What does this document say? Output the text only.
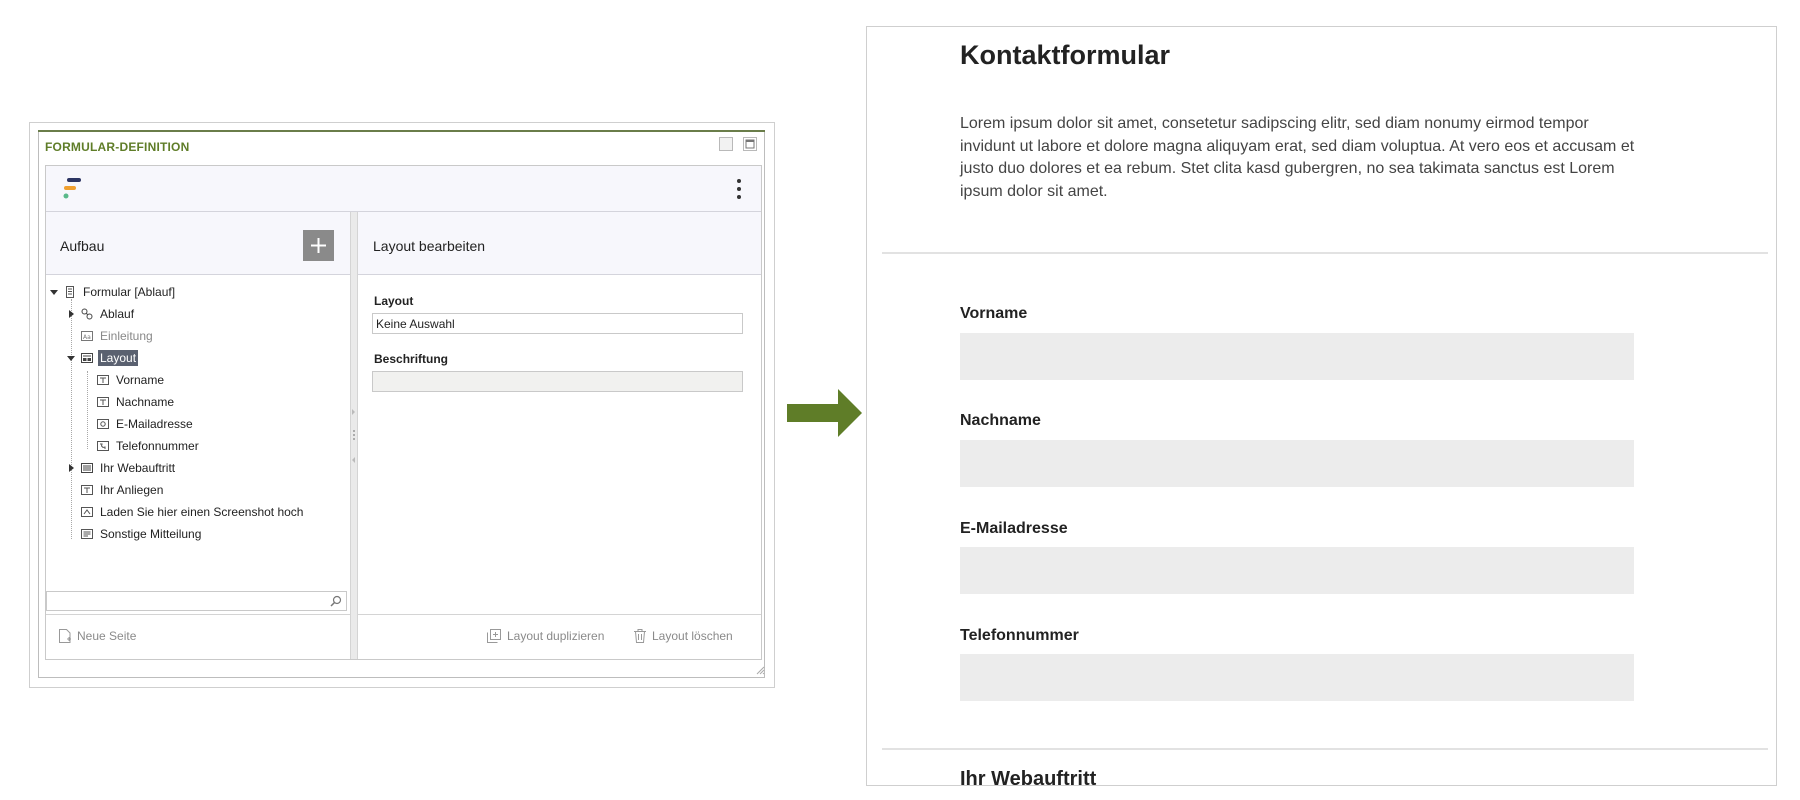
FORMULAR-DEFINITION
Aufbau
Formular [Ablauf]
Ablauf
Aa Einleitung
Layout
Vorname
Nachname
E-Mailadresse
Telefonnummer
Ihr Webauftritt
Ihr Anliegen
Laden Sie hier einen Screenshot hoch
Sonstige Mitteilung
Neue Seite
Layout bearbeiten
Layout
Keine Auswahl
Beschriftung
Layout duplizieren	Layout löschen
Kontaktformular
Lorem ipsum dolor sit amet, consetetur sadipscing elitr, sed diam nonumy eirmod tempor invidunt ut labore et dolore magna aliquyam erat, sed diam voluptua. At vero eos et accusam et justo duo dolores et ea rebum. Stet clita kasd gubergren, no sea takimata sanctus est Lorem ipsum dolor sit amet.
Vorname
Nachname
E-Mailadresse
Telefonnummer
Ihr Webauftritt
